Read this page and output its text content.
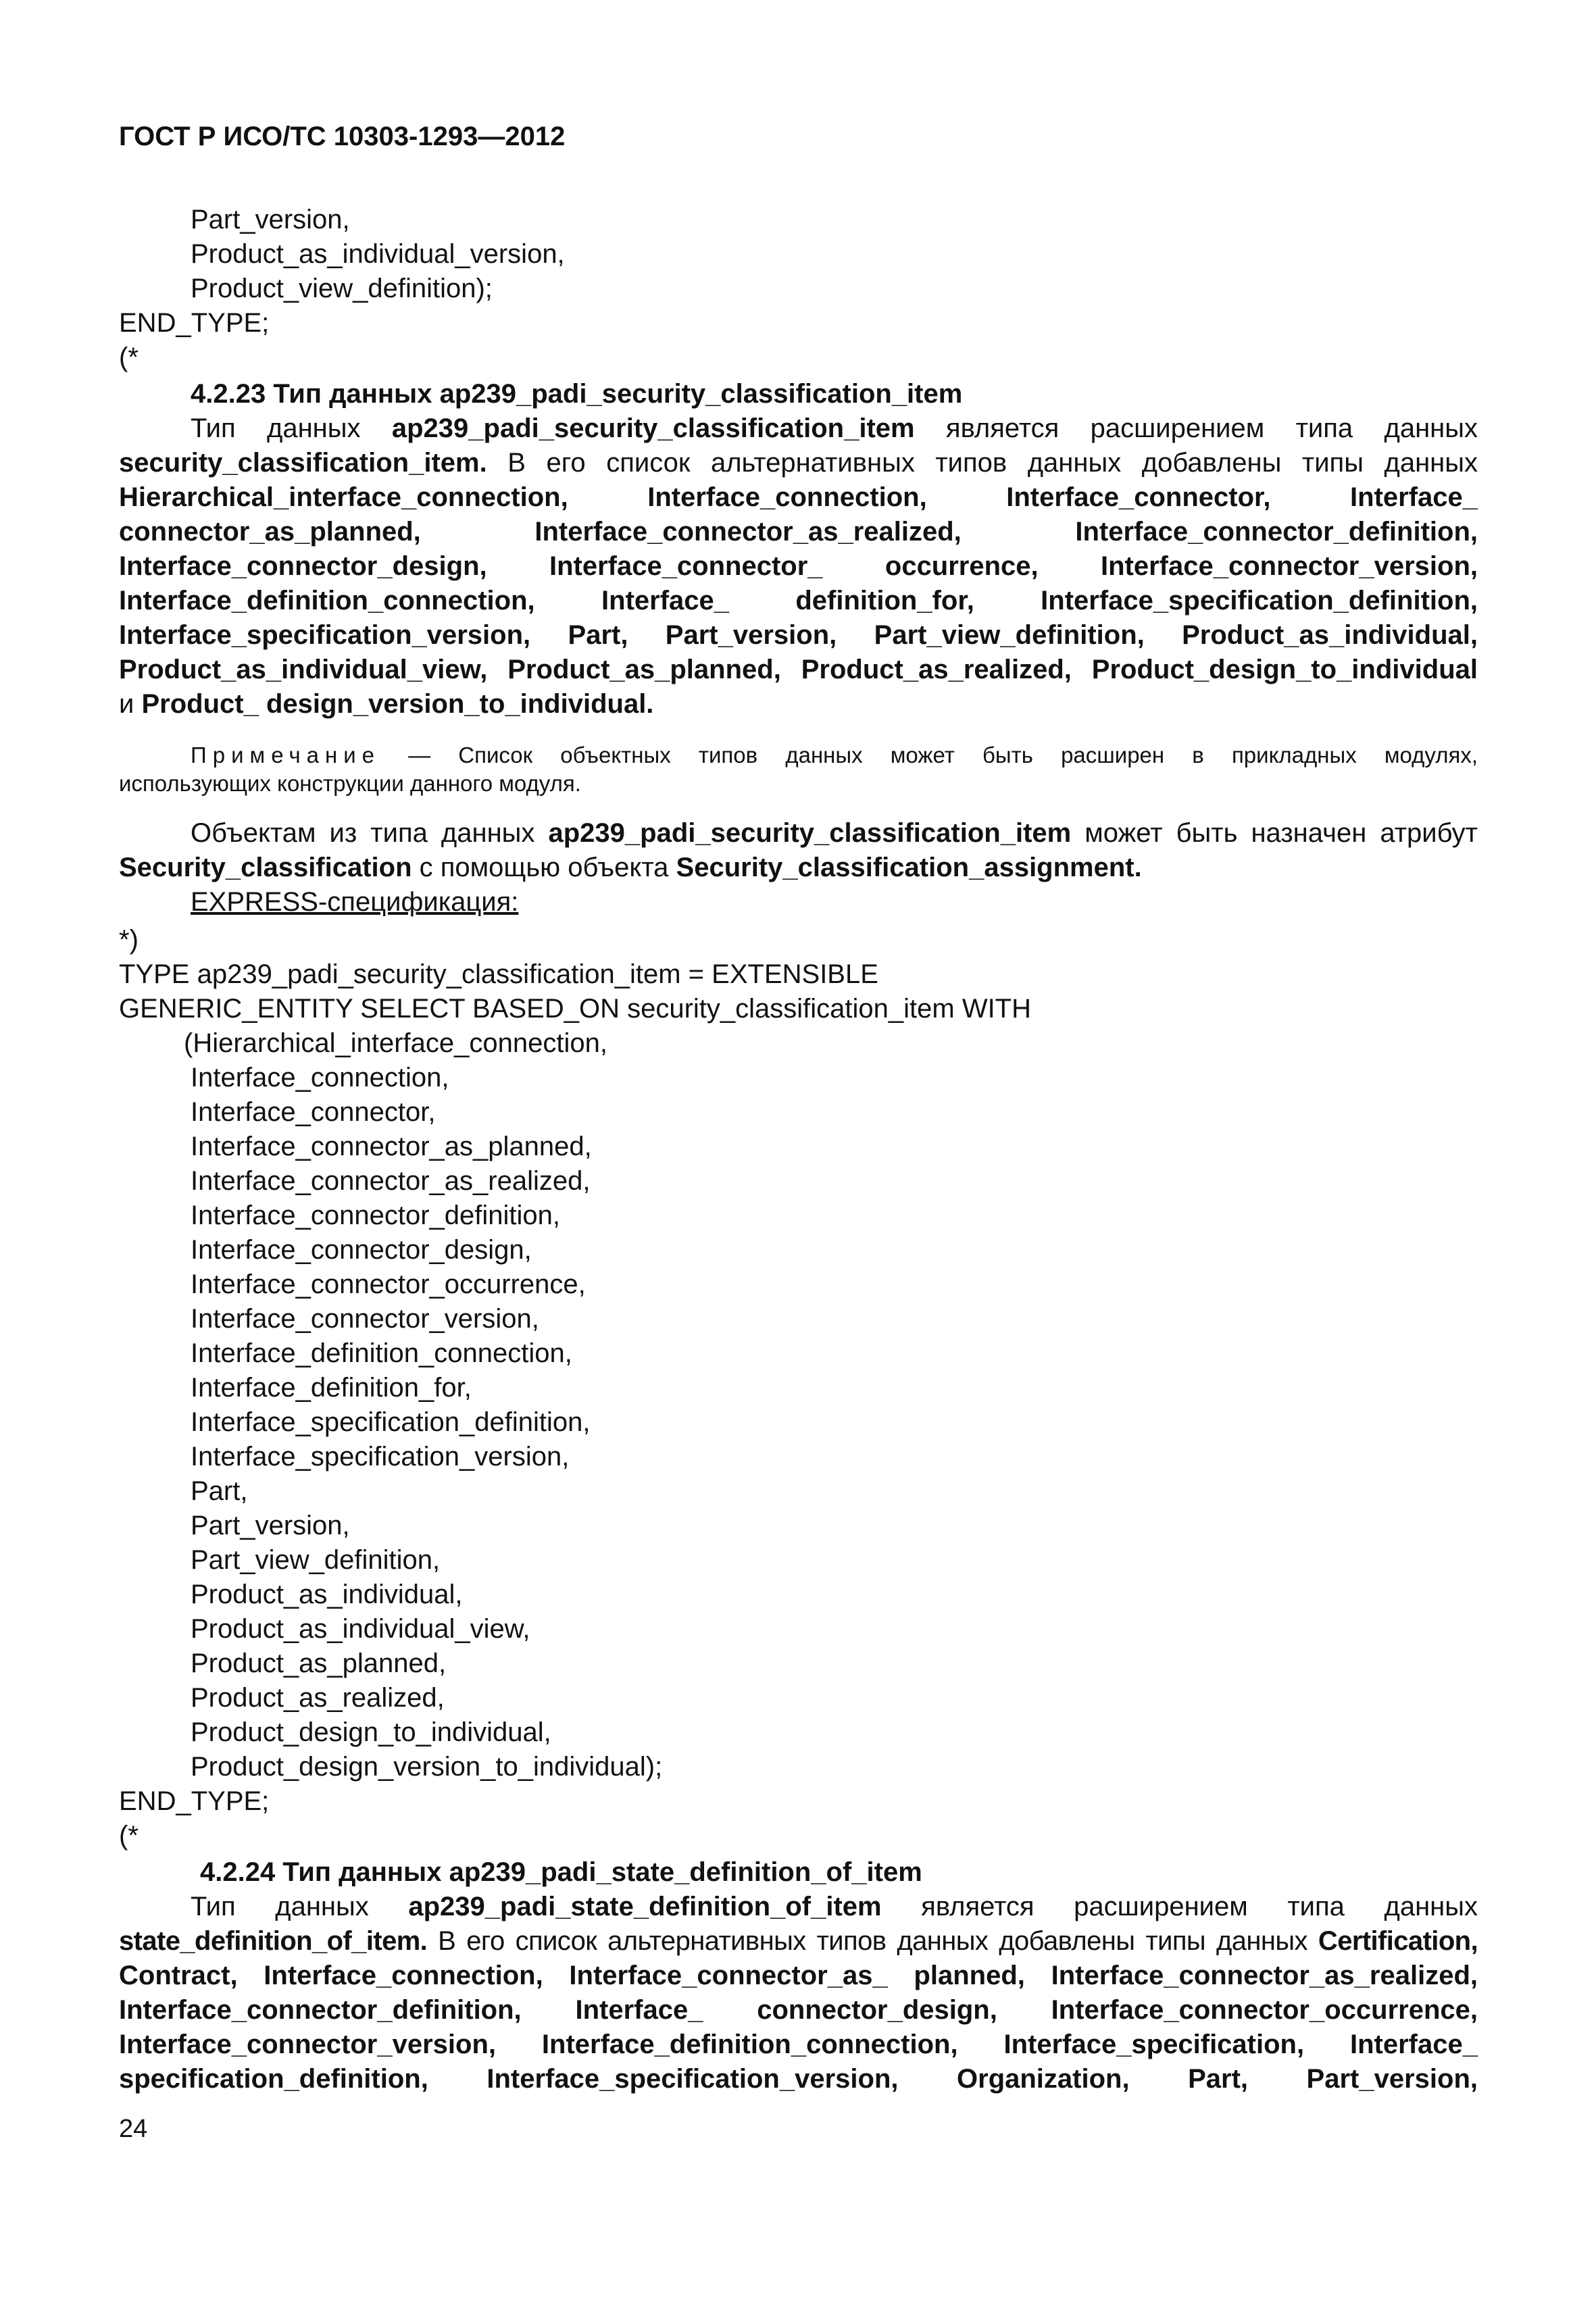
ГОСТ Р ИСО/ТС 10303-1293—2012
Part_version,
Product_as_individual_version,
Product_view_definition);
END_TYPE;
(*
4.2.23 Тип данных ap239_padi_security_classification_item
Тип данных ap239_padi_security_classification_item является расширением типа данных
security_classification_item. В его список альтернативных типов данных добавлены типы данных
Hierarchical_interface_connection, Interface_connection, Interface_connector, Interface_
connector_as_planned, Interface_connector_as_realized, Interface_connector_definition,
Interface_connector_design, Interface_connector_ occurrence, Interface_connector_version,
Interface_definition_connection, Interface_ definition_for, Interface_specification_definition,
Interface_specification_version, Part, Part_version, Part_view_definition, Product_as_individual,
Product_as_individual_view, Product_as_planned, Product_as_realized, Product_design_to_individual
и Product_ design_version_to_individual.
Примечание — Список объектных типов данных может быть расширен в прикладных модулях,
использующих конструкции данного модуля.
Объектам из типа данных ap239_padi_security_classification_item может быть назначен атрибут
Security_classification с помощью объекта Security_classification_assignment.
EXPRESS-спецификация:
*)
TYPE ap239_padi_security_classification_item = EXTENSIBLE
GENERIC_ENTITY SELECT BASED_ON security_classification_item WITH
(Hierarchical_interface_connection,
Interface_connection,
Interface_connector,
Interface_connector_as_planned,
Interface_connector_as_realized,
Interface_connector_definition,
Interface_connector_design,
Interface_connector_occurrence,
Interface_connector_version,
Interface_definition_connection,
Interface_definition_for,
Interface_specification_definition,
Interface_specification_version,
Part,
Part_version,
Part_view_definition,
Product_as_individual,
Product_as_individual_view,
Product_as_planned,
Product_as_realized,
Product_design_to_individual,
Product_design_version_to_individual);
END_TYPE;
(*
4.2.24 Тип данных ap239_padi_state_definition_of_item
Тип данных ap239_padi_state_definition_of_item является расширением типа данных
state_definition_of_item. В его список альтернативных типов данных добавлены типы данных Certification,
Contract, Interface_connection, Interface_connector_as_ planned, Interface_connector_as_realized,
Interface_connector_definition, Interface_ connector_design, Interface_connector_occurrence,
Interface_connector_version, Interface_definition_connection, Interface_specification, Interface_
specification_definition, Interface_specification_version, Organization, Part, Part_version,
24
